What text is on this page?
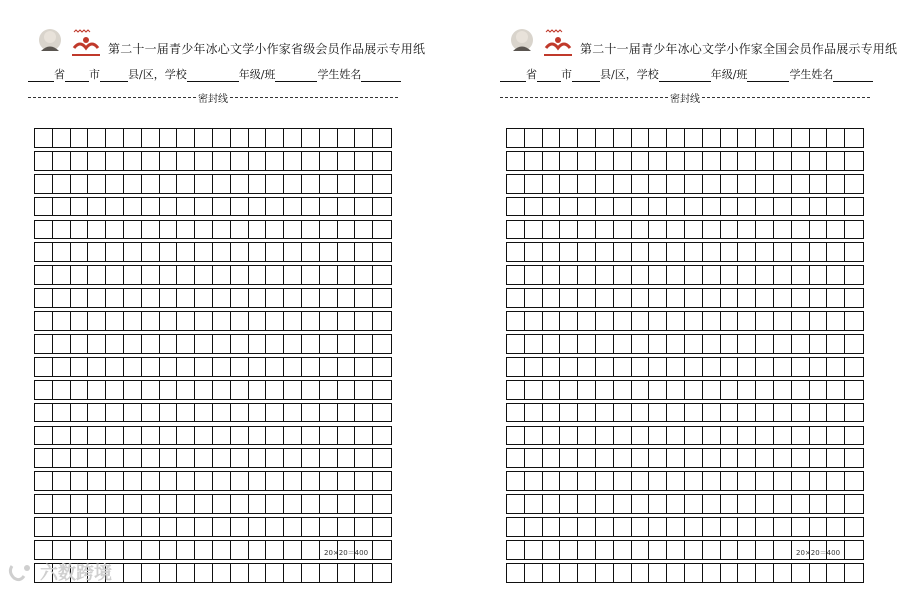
第二十一届青少年冰心文学小作家省级会员作品展示专用纸
省 市	县/区，学校	年级/班	学生姓名
密封线
20×20＝400
第二十一届青少年冰心文学小作家全国会员作品展示专用纸
省 市	县/区，学校	年级/班	学生姓名
密封线
20×20＝400
六数跨境
